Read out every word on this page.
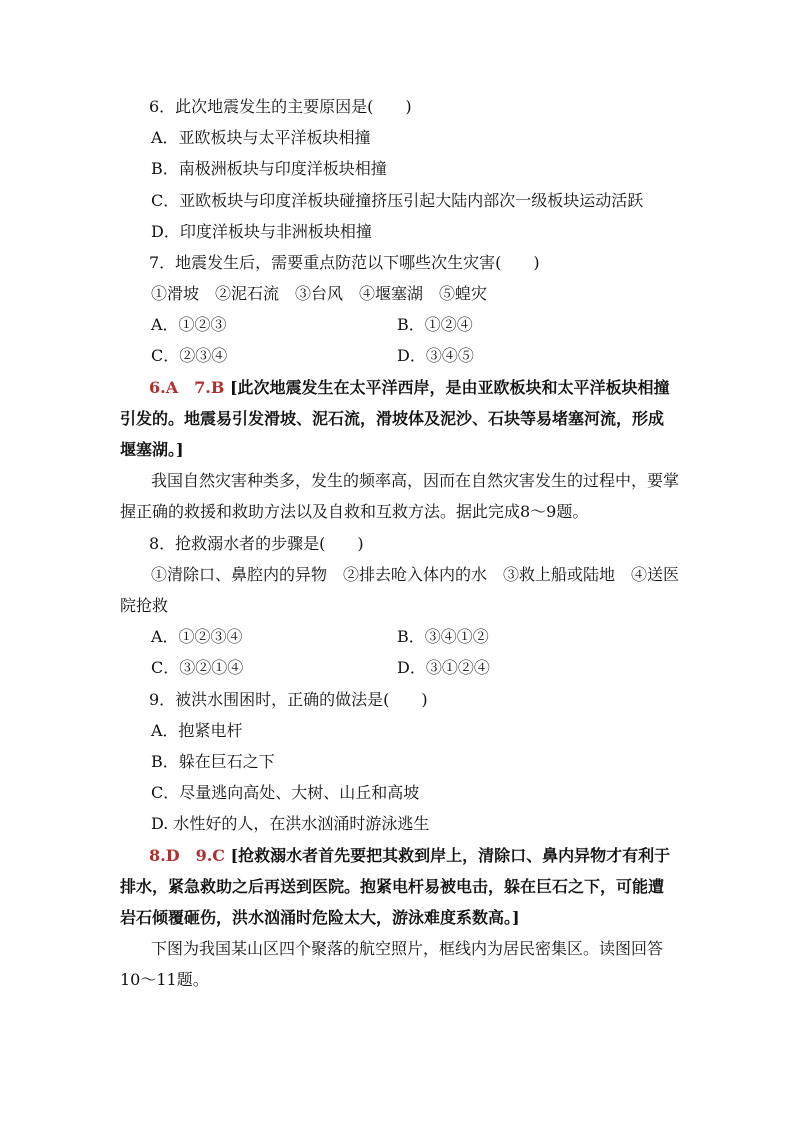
6．此次地震发生的主要原因是(　　)
A．亚欧板块与太平洋板块相撞
B．南极洲板块与印度洋板块相撞
C．亚欧板块与印度洋板块碰撞挤压引起大陆内部次一级板块运动活跃
D．印度洋板块与非洲板块相撞
7．地震发生后，需要重点防范以下哪些次生灾害(　　)
①滑坡　②泥石流　③台风　④堰塞湖　⑤蝗灾
A．①②③	B．①②④
C．②③④	D．③④⑤
6.A　7.B [此次地震发生在太平洋西岸，是由亚欧板块和太平洋板块相撞
引发的。地震易引发滑坡、泥石流，滑坡体及泥沙、石块等易堵塞河流，形成
堰塞湖。]
我国自然灾害种类多，发生的频率高，因而在自然灾害发生的过程中，要掌
握正确的救援和救助方法以及自救和互救方法。据此完成8～9题。
8．抢救溺水者的步骤是(　　)
①清除口、鼻腔内的异物　②排去呛入体内的水　③救上船或陆地　④送医
院抢救
A．①②③④	B．③④①②
C．③②①④	D．③①②④
9．被洪水围困时，正确的做法是(　　)
A．抱紧电杆
B．躲在巨石之下
C．尽量逃向高处、大树、山丘和高坡
D. 水性好的人，在洪水汹涌时游泳逃生
8.D　9.C [抢救溺水者首先要把其救到岸上，清除口、鼻内异物才有利于
排水，紧急救助之后再送到医院。抱紧电杆易被电击，躲在巨石之下，可能遭
岩石倾覆砸伤，洪水汹涌时危险太大，游泳难度系数高。]
下图为我国某山区四个聚落的航空照片，框线内为居民密集区。读图回答
10～11题。
